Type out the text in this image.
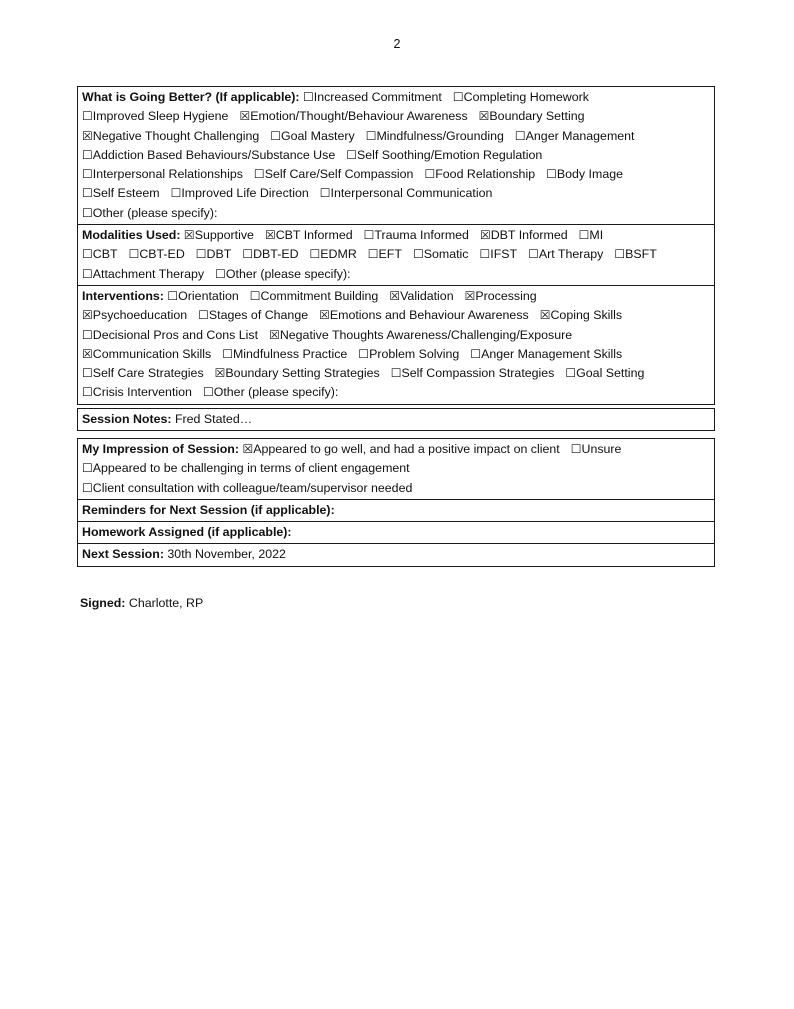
2
What is Going Better? (If applicable): ☐Increased Commitment ☐Completing Homework
☐Improved Sleep Hygiene ☒Emotion/Thought/Behaviour Awareness ☒Boundary Setting
☒Negative Thought Challenging ☐Goal Mastery ☐Mindfulness/Grounding ☐Anger Management
☐Addiction Based Behaviours/Substance Use ☐Self Soothing/Emotion Regulation
☐Interpersonal Relationships ☐Self Care/Self Compassion ☐Food Relationship ☐Body Image
☐Self Esteem ☐Improved Life Direction ☐Interpersonal Communication
☐Other (please specify):
Modalities Used: ☒Supportive ☒CBT Informed ☐Trauma Informed ☒DBT Informed ☐MI
☐CBT ☐CBT-ED ☐DBT ☐DBT-ED ☐EDMR ☐EFT ☐Somatic ☐IFST ☐Art Therapy ☐BSFT
☐Attachment Therapy ☐Other (please specify):
Interventions: ☐Orientation ☐Commitment Building ☒Validation ☒Processing
☒Psychoeducation ☐Stages of Change ☒Emotions and Behaviour Awareness ☒Coping Skills
☐Decisional Pros and Cons List ☒Negative Thoughts Awareness/Challenging/Exposure
☒Communication Skills ☐Mindfulness Practice ☐Problem Solving ☐Anger Management Skills
☐Self Care Strategies ☒Boundary Setting Strategies ☐Self Compassion Strategies ☐Goal Setting
☐Crisis Intervention ☐Other (please specify):
Session Notes: Fred Stated…
My Impression of Session: ☒Appeared to go well, and had a positive impact on client ☐Unsure
☐Appeared to be challenging in terms of client engagement
☐Client consultation with colleague/team/supervisor needed
Reminders for Next Session (if applicable):
Homework Assigned (if applicable):
Next Session: 30th November, 2022
Signed: Charlotte, RP
